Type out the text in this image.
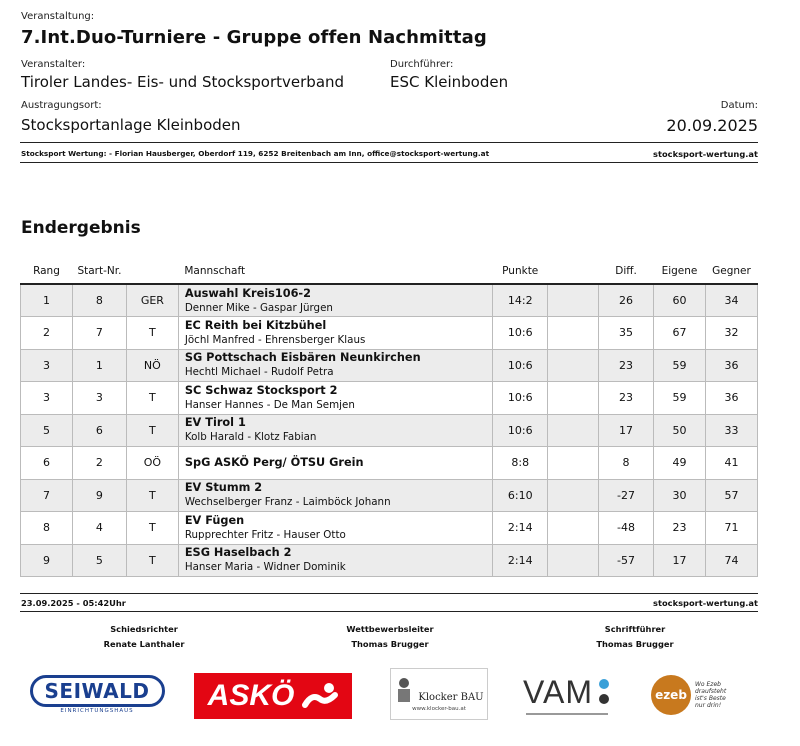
Veranstaltung:
7.Int.Duo-Turniere - Gruppe offen Nachmittag
Veranstalter:
Tiroler Landes- Eis- und Stocksportverband
Durchführer:
ESC Kleinboden
Austragungsort:
Stocksportanlage Kleinboden
Datum:
20.09.2025
Stocksport Wertung: - Florian Hausberger, Oberdorf 119, 6252 Breitenbach am Inn, office@stocksport-wertung.at	stocksport-wertung.at
Endergebnis
Rang	Start-Nr.		Mannschaft	Punkte		Diff.	Eigene	Gegner
1	8	GER	Auswahl Kreis106-2
Denner Mike - Gaspar Jürgen	14:2		26	60	34
2	7	T	EC Reith bei Kitzbühel
Jöchl Manfred - Ehrensberger Klaus	10:6		35	67	32
3	1	NÖ	SG Pottschach Eisbären Neunkirchen
Hechtl Michael - Rudolf Petra	10:6		23	59	36
3	3	T	SC Schwaz Stocksport 2
Hanser Hannes - De Man Semjen	10:6		23	59	36
5	6	T	EV Tirol 1
Kolb Harald - Klotz Fabian	10:6		17	50	33
6	2	OÖ	SpG ASKÖ Perg/ ÖTSU Grein	8:8		8	49	41
7	9	T	EV Stumm 2
Wechselberger Franz - Laimböck Johann	6:10		-27	30	57
8	4	T	EV Fügen
Rupprechter Fritz - Hauser Otto	2:14		-48	23	71
9	5	T	ESG Haselbach 2
Hanser Maria - Widner Dominik	2:14		-57	17	74
23.09.2025 - 05:42Uhr	stocksport-wertung.at
Schiedsrichter
Renate Lanthaler
Wettbewerbsleiter
Thomas Brugger
Schriftführer
Thomas Brugger
SEIWALD
EINRICHTUNGSHAUS ASKÖ	Klocker BAU
www.klocker-bau.at VAM	ezeb
Wo Ezeb draufsteht ist's Beste nur drin!
